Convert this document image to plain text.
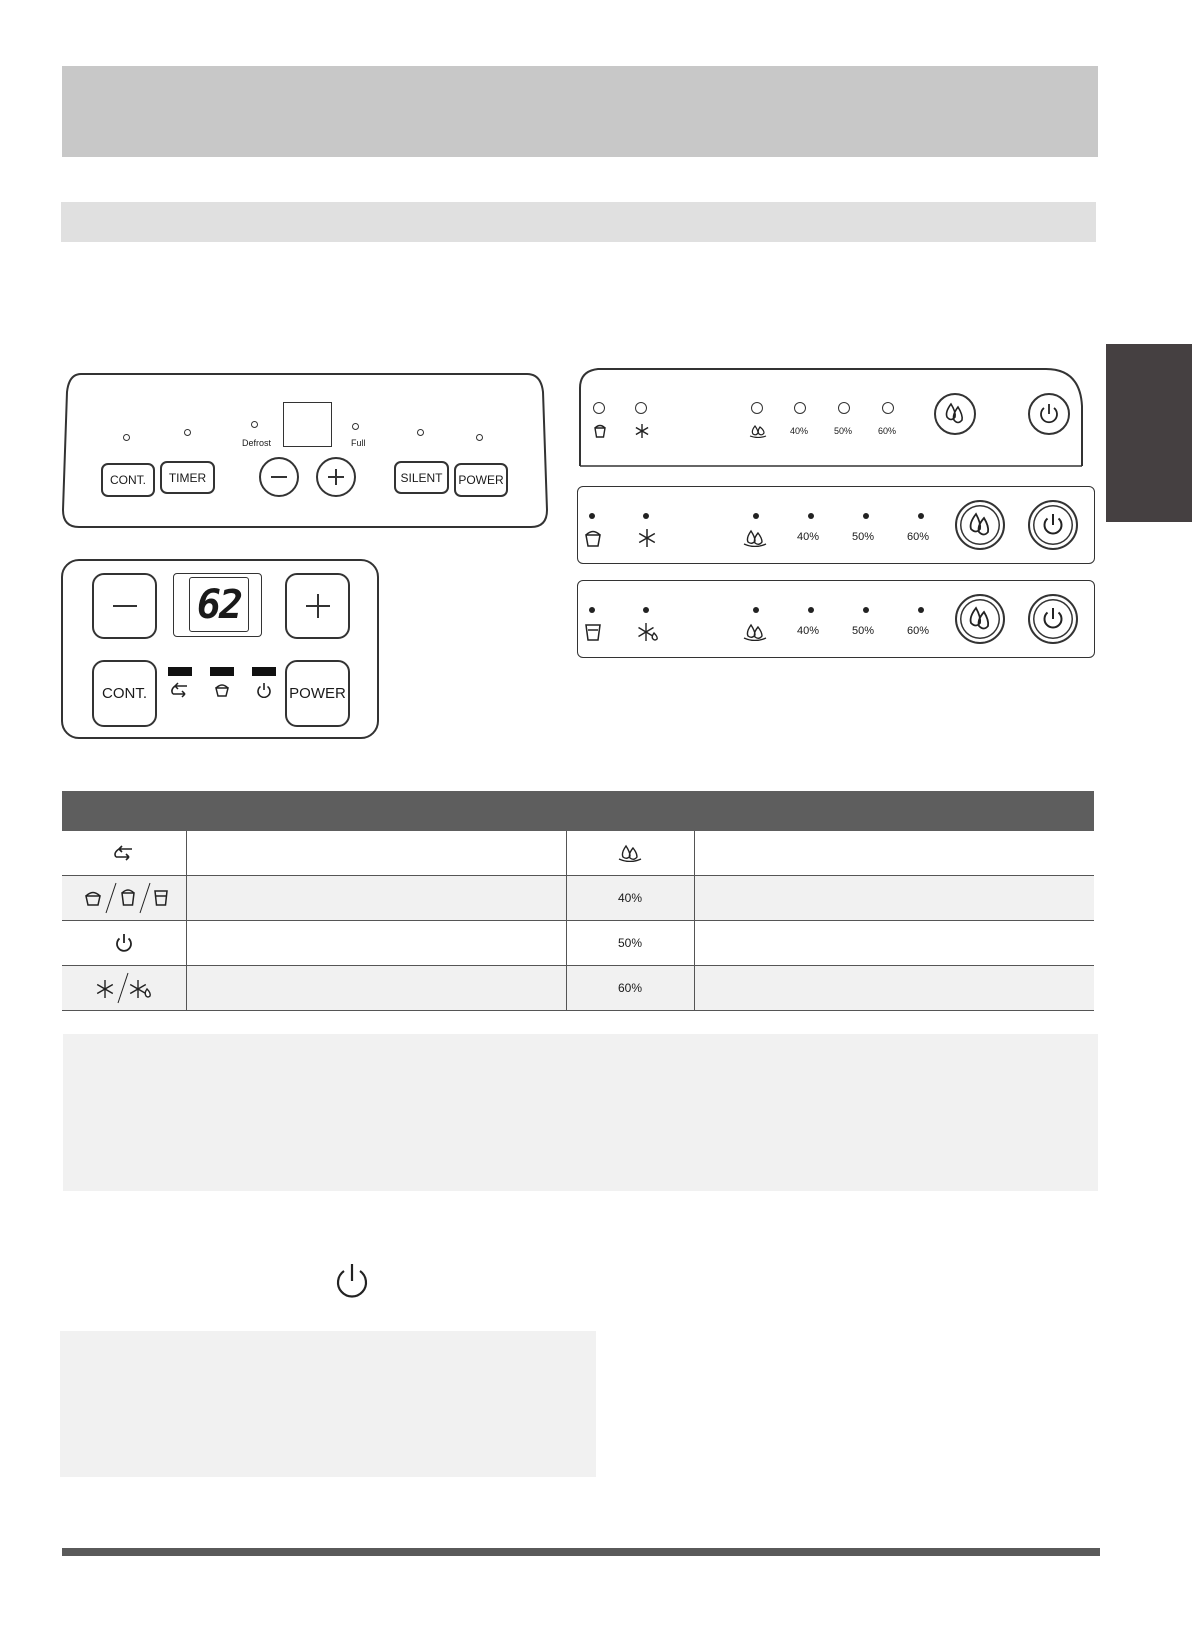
Defrost	Full
CONT.	TIMER	SILENT	POWER
62
CONT.	POWER
40%	50%	60%
40%	50%	60%
40%	50%	60%

		40%	

		50%	

		60%	
